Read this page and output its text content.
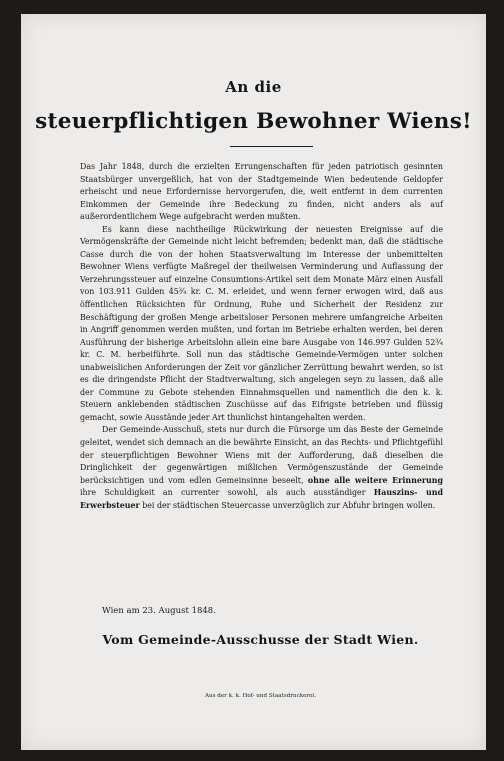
An die
steuerpflichtigen Bewohner Wiens!

Das Jahr 1848, durch die erzielten Errungenschaften für jeden patriotisch gesinnten Staatsbürger unvergeßlich, hat von der Stadtgemeinde Wien bedeutende Geldopfer erheischt und neue Erfordernisse hervorgerufen, die, weit entfernt in dem currenten Einkommen der Gemeinde ihre Bedeckung zu finden, nicht anders als auf außerordentlichem Wege aufgebracht werden mußten.

Es kann diese nachtheilige Rückwirkung der neuesten Ereignisse auf die Vermögenskräfte der Gemeinde nicht leicht befremden; bedenkt man, daß die städtische Casse durch die von der hohen Staatsverwaltung im Interesse der unbemittelten Bewohner Wiens verfügte Maßregel der theilweisen Verminderung und Auflassung der Verzehrungssteuer auf einzelne Consumtions-Artikel seit dem Monate März einen Ausfall von 103.911 Gulden 45¾ kr. C. M. erleidet, und wenn ferner erwogen wird, daß aus öffentlichen Rücksichten für Ordnung, Ruhe und Sicherheit der Residenz zur Beschäftigung der großen Menge arbeitsloser Personen mehrere umfangreiche Arbeiten in Angriff genommen werden mußten, und fortan im Betriebe erhalten werden, bei deren Ausführung der bisherige Arbeitslohn allein eine bare Ausgabe von 146.997 Gulden 52¾ kr. C. M. herbeiführte. Soll nun das städtische Gemeinde-Vermögen unter solchen unabweislichen Anforderungen der Zeit vor gänzlicher Zerrüttung bewahrt werden, so ist es die dringendste Pflicht der Stadtverwaltung, sich angelegen seyn zu lassen, daß alle der Commune zu Gebote stehenden Einnahmsquellen und namentlich die den k. k. Steuern anklebenden städtischen Zuschüsse auf das Eifrigste betrieben und flüssig gemacht, sowie Ausstände jeder Art thunlichst hintangehalten werden.

Der Gemeinde-Ausschuß, stets nur durch die Fürsorge um das Beste der Gemeinde geleitet, wendet sich demnach an die bewährte Einsicht, an das Rechts- und Pflichtgefühl der steuerpflichtigen Bewohner Wiens mit der Aufforderung, daß dieselben die Dringlichkeit der gegenwärtigen mißlichen Vermögenszustände der Gemeinde berücksichtigen und vom edlen Gemeinsinne beseelt, ohne alle weitere Erinnerung ihre Schuldigkeit an currenter sowohl, als auch ausständiger Hauszins- und Erwerbsteuer bei der städtischen Steuercasse unverzüglich zur Abfuhr bringen wollen.

Wien am 23. August 1848.
Vom Gemeinde-Ausschusse der Stadt Wien.
Aus der k. k. Hof- und Staatsdruckerei.
